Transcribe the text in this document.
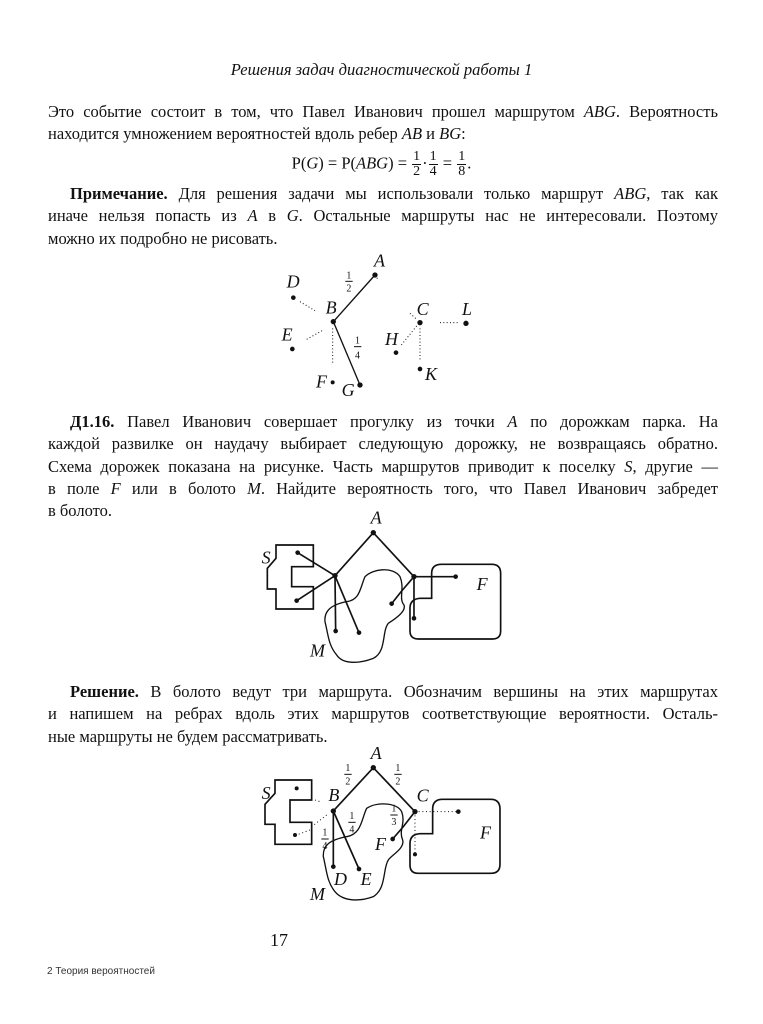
Решения задач диагностической работы 1
Это событие состоит в том, что Павел Иванович прошел маршрутом ABG. Вероятность
находится умножением вероятностей вдоль ребер AB и BG:
$P(G) = P(ABG) = \frac{1}{2} \cdot \frac{1}{4} = \frac{1}{8}$ .
Примечание. Для решения задачи мы использовали только маршрут ABG, так как
иначе нельзя попасть из A в G. Остальные маршруты нас не интересовали. Поэтому
можно их подробно не рисовать.
Д1.16. Павел Иванович совершает прогулку из точки A по дорожкам парка. На
каждой развилке он наудачу выбирает следующую дорожку, не возвращаясь обратно.
Схема дорожек показана на рисунке. Часть маршрутов приводит к поселку S, другие —
в поле F или в болото M. Найдите вероятность того, что Павел Иванович забредет
в болото.
Решение. В болото ведут три маршрута. Обозначим вершины на этих маршрутах
и напишем на ребрах вдоль этих маршрутов соответствующие вероятности. Осталь-
ные маршруты не будем рассматривать.
A
B C
D
E
F G
H
K
L
1
2
1
4
A
S
F
M
A
B C
S
F
F
D E
M
1
2
1
2
1
4
1
3
1
4
17
2 Теория вероятностей
